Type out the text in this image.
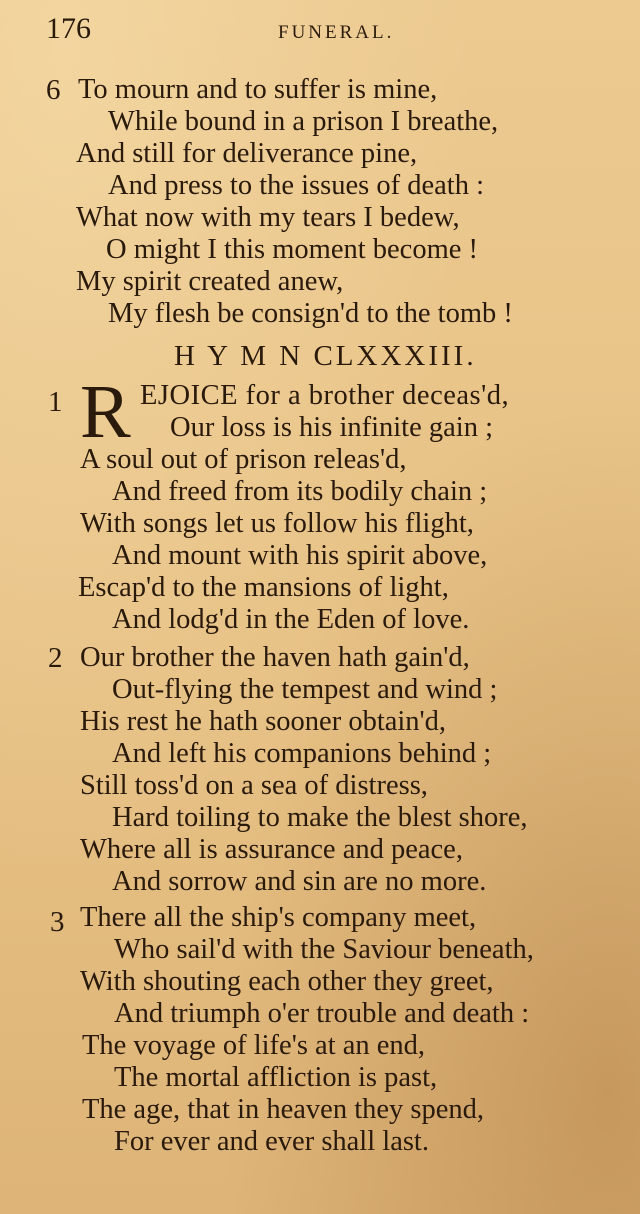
176	FUNERAL.
6 To mourn and to suffer is mine,
While bound in a prison I breathe,
And still for deliverance pine,
And press to the issues of death :
What now with my tears I bedew,
O might I this moment become !
My spirit created anew,
My flesh be consign'd to the tomb !
H Y M N CLXXXIII.
1 R EJOICE for a brother deceas'd,
Our loss is his infinite gain ;
A soul out of prison releas'd,
And freed from its bodily chain ;
With songs let us follow his flight,
And mount with his spirit above,
Escap'd to the mansions of light,
And lodg'd in the Eden of love.
2 Our brother the haven hath gain'd,
Out-flying the tempest and wind ;
His rest he hath sooner obtain'd,
And left his companions behind ;
Still toss'd on a sea of distress,
Hard toiling to make the blest shore,
Where all is assurance and peace,
And sorrow and sin are no more.
3 There all the ship's company meet,
Who sail'd with the Saviour beneath,
With shouting each other they greet,
And triumph o'er trouble and death :
The voyage of life's at an end,
The mortal affliction is past,
The age, that in heaven they spend,
For ever and ever shall last.
